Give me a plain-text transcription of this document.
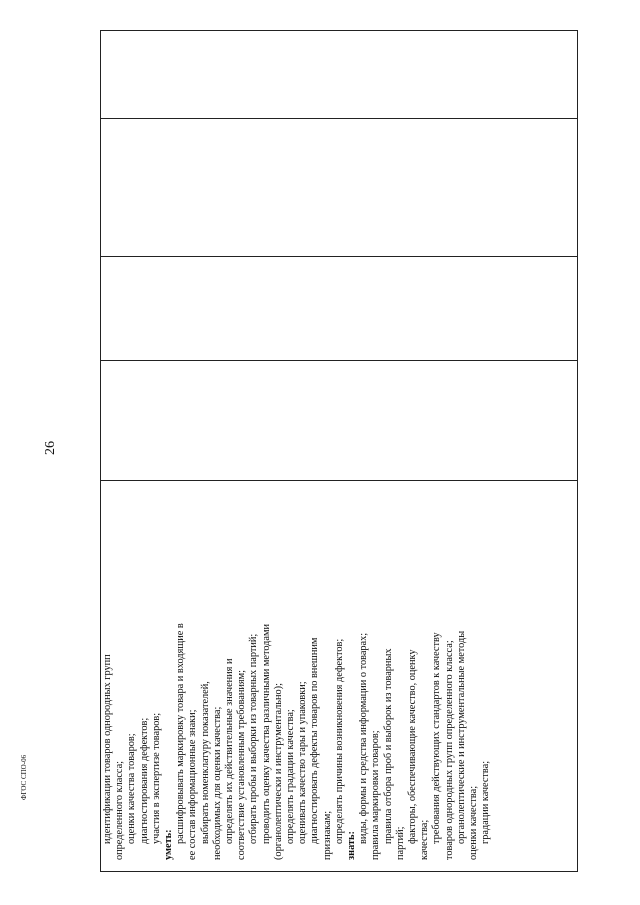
26
идентификации товаров однородных групп определенного класса; оценки качества товаров; диагностирования дефектов; участия в экспертизе товаров;
уметь:
расшифровывать маркировку товара и входящие в ее состав информационные знаки; выбирать номенклатуру показателей, необходимых для оценки качества; определять их действительные значения и соответствие установленным требованиям; отбирать пробы и выборки из товарных партий; проводить оценку качества различными методами (органолептически и инструментально); определять градации качества; оценивать качество тары и упаковки; диагностировать дефекты товаров по внешним признакам; определять причины возникновения дефектов;
знать:
виды, формы и средства информации о товарах; правила маркировки товаров; правила отбора проб и выборок из товарных партий; факторы, обеспечивающие качество, оценку качества; требования действующих стандартов к качеству товаров однородных групп определенного класса; органолептические и инструментальные методы оценки качества; градации качества;
ФГОС СПО-06
